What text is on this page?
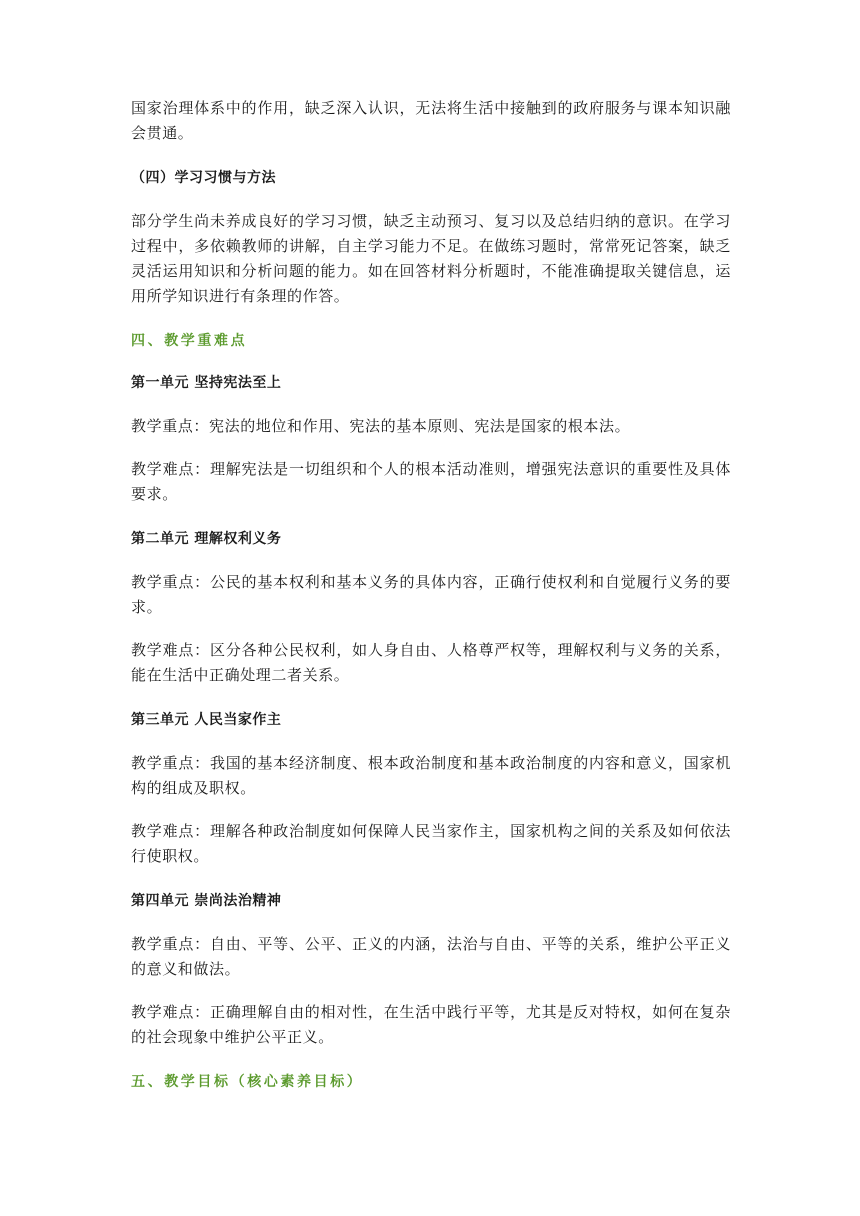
国家治理体系中的作用，缺乏深入认识，无法将生活中接触到的政府服务与课本知识融会贯通。

（四）学习习惯与方法

部分学生尚未养成良好的学习习惯，缺乏主动预习、复习以及总结归纳的意识。在学习过程中，多依赖教师的讲解，自主学习能力不足。在做练习题时，常常死记答案，缺乏灵活运用知识和分析问题的能力。如在回答材料分析题时，不能准确提取关键信息，运用所学知识进行有条理的作答。

四、教学重难点
第一单元 坚持宪法至上

教学重点：宪法的地位和作用、宪法的基本原则、宪法是国家的根本法。

教学难点：理解宪法是一切组织和个人的根本活动准则，增强宪法意识的重要性及具体要求。

第二单元 理解权利义务

教学重点：公民的基本权利和基本义务的具体内容，正确行使权利和自觉履行义务的要求。

教学难点：区分各种公民权利，如人身自由、人格尊严权等，理解权利与义务的关系，能在生活中正确处理二者关系。

第三单元 人民当家作主

教学重点：我国的基本经济制度、根本政治制度和基本政治制度的内容和意义，国家机构的组成及职权。

教学难点：理解各种政治制度如何保障人民当家作主，国家机构之间的关系及如何依法行使职权。

第四单元 崇尚法治精神

教学重点：自由、平等、公平、正义的内涵，法治与自由、平等的关系，维护公平正义的意义和做法。

教学难点：正确理解自由的相对性，在生活中践行平等，尤其是反对特权，如何在复杂的社会现象中维护公平正义。

五、教学目标（核心素养目标）
